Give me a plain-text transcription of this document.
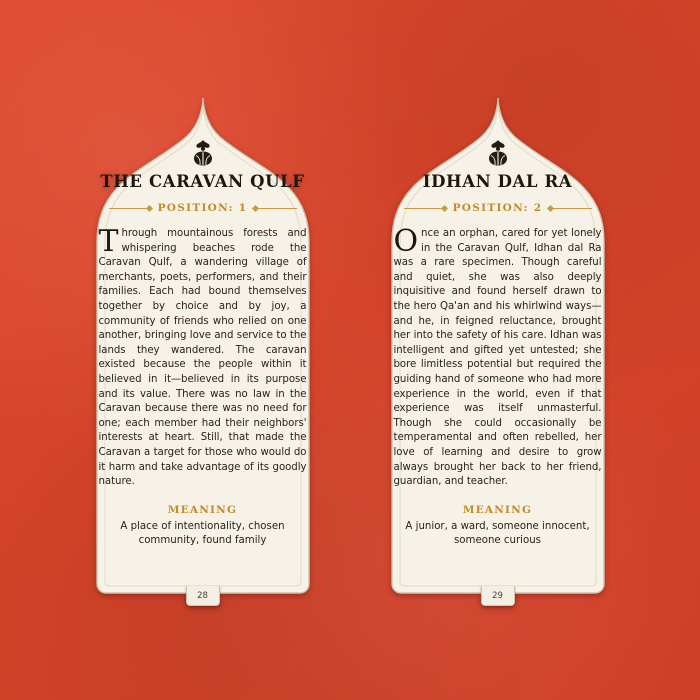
THE CARAVAN QULF
POSITION: 1
Through mountainous forests and whispering beaches rode the Caravan Qulf, a wandering village of merchants, poets, performers, and their families. Each had bound themselves together by choice and by joy, a community of friends who relied on one another, bringing love and service to the lands they wandered. The caravan existed because the people within it believed in it—believed in its purpose and its value. There was no law in the Caravan because there was no need for one; each member had their neighbors' interests at heart. Still, that made the Caravan a target for those who would do it harm and take advantage of its goodly nature.
MEANING
A place of intentionality, chosen community, found family
28
IDHAN DAL RA
POSITION: 2
Once an orphan, cared for yet lonely in the Caravan Qulf, Idhan dal Ra was a rare specimen. Though careful and quiet, she was also deeply inquisitive and found herself drawn to the hero Qa'an and his whirlwind ways—and he, in feigned reluctance, brought her into the safety of his care. Idhan was intelligent and gifted yet untested; she bore limitless potential but required the guiding hand of someone who had more experience in the world, even if that experience was itself unmasterful. Though she could occasionally be temperamental and often rebelled, her love of learning and desire to grow always brought her back to her friend, guardian, and teacher.
MEANING
A junior, a ward, someone innocent, someone curious
29
